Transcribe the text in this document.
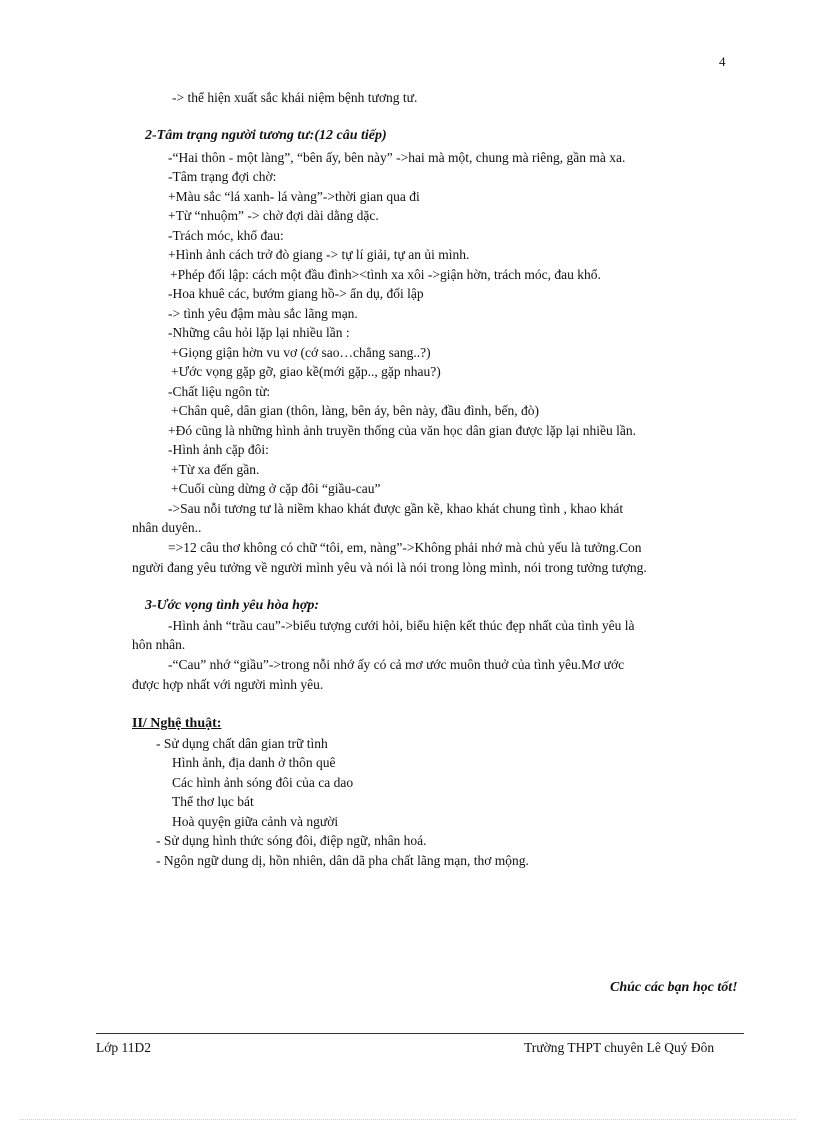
4
-> thể hiện xuất sắc khái niệm bệnh tương tư.
2-Tâm trạng người tương tư:(12 câu tiếp)
-“Hai thôn - một làng”, “bên ấy, bên này” ->hai mà một, chung mà riêng, gần mà xa.
-Tâm trạng đợi chờ:
+Màu sắc “lá xanh- lá vàng”->thời gian qua đi
+Từ “nhuộm” -> chờ đợi dài dằng dặc.
-Trách móc, khổ đau:
+Hình ảnh cách trở đò giang -> tự lí giải, tự an ủi mình.
+Phép đối lập: cách một đầu đình><tình xa xôi ->giận hờn, trách móc, đau khổ.
-Hoa khuê các, bướm giang hồ-> ẩn dụ, đối lập
-> tình yêu đậm màu sắc lãng mạn.
-Những câu hỏi lặp lại nhiều lần :
+Giọng giận hờn vu vơ (cớ sao…chẳng sang..?)
+Ước vọng gặp gỡ, giao kề(mới gặp.., gặp nhau?)
-Chất liệu ngôn từ:
+Chân quê, dân gian (thôn, làng, bên áy, bên này, đầu đình, bến, đò)
+Đó cũng là những hình ảnh truyền thống của văn học dân gian được lặp lại nhiều lần.
-Hình ảnh cặp đôi:
+Từ xa đến gần.
+Cuối cùng dừng ở cặp đôi “giầu-cau”
->Sau nỗi tương tư là niềm khao khát được gần kề, khao khát chung tình , khao khát
nhân duyên..
=>12 câu thơ không có chữ “tôi, em, nàng”->Không phải nhớ mà chủ yếu là tưởng.Con
người đang yêu tưởng về người mình yêu và nói là nói trong lòng mình, nói trong tưởng tượng.
3-Ước vọng tình yêu hòa hợp:
-Hình ảnh “trầu cau”->biểu tượng cưới hỏi, biểu hiện kết thúc đẹp nhất của tình yêu là
hôn nhân.
-“Cau” nhớ “giầu”->trong nỗi nhớ ấy có cả mơ ước muôn thuở của tình yêu.Mơ ước
được hợp nhất với người mình yêu.
II/ Nghệ thuật:
- Sử dụng chất dân gian trữ tình
Hình ảnh, địa danh ở thôn quê
Các hình ảnh sóng đôi của ca dao
Thể thơ lục bát
Hoà quyện giữa cảnh và người
- Sử dụng hình thức sóng đôi, điệp ngữ, nhân hoá.
- Ngôn ngữ dung dị, hồn nhiên, dân dã pha chất lãng mạn, thơ mộng.
Chúc các bạn học tốt!
Lớp 11D2	Trường THPT chuyên Lê Quý Đôn
